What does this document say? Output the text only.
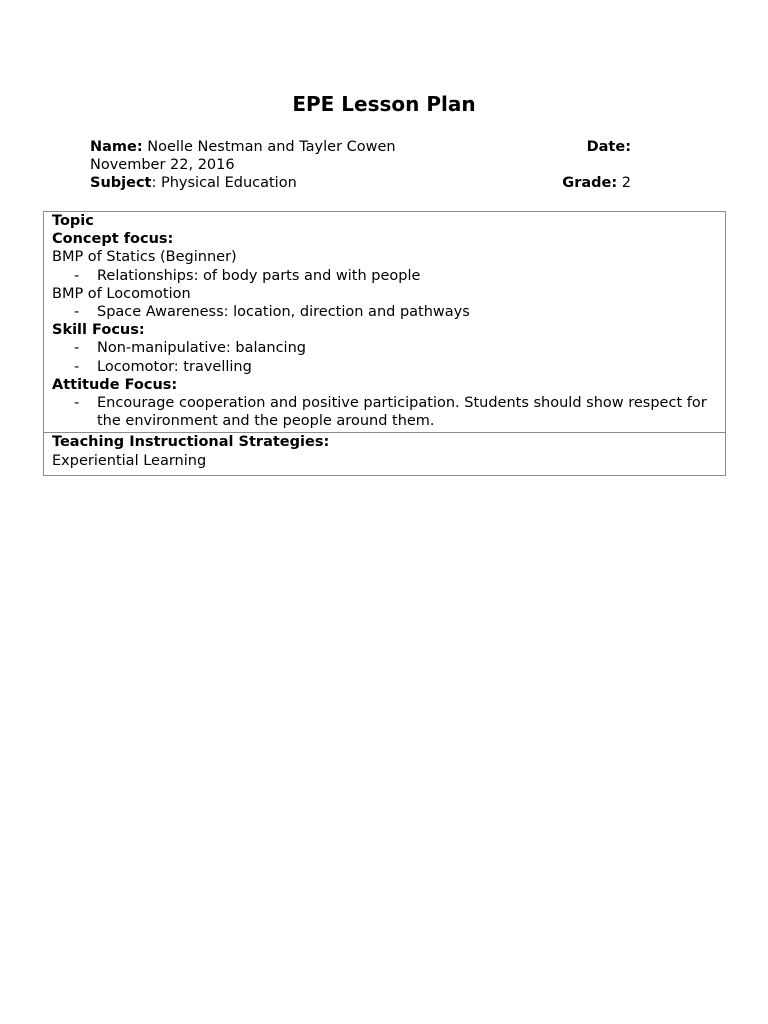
EPE Lesson Plan
Name: Noelle Nestman and Tayler Cowen	Date:
November 22, 2016
Subject: Physical Education	Grade: 2
Topic
Concept focus:
BMP of Statics (Beginner)
- Relationships: of body parts and with people
BMP of Locomotion
- Space Awareness: location, direction and pathways
Skill Focus:
- Non-manipulative: balancing
- Locomotor: travelling
Attitude Focus:
- Encourage cooperation and positive participation. Students should show respect for the environment and the people around them.
Teaching Instructional Strategies:
Experiential Learning
